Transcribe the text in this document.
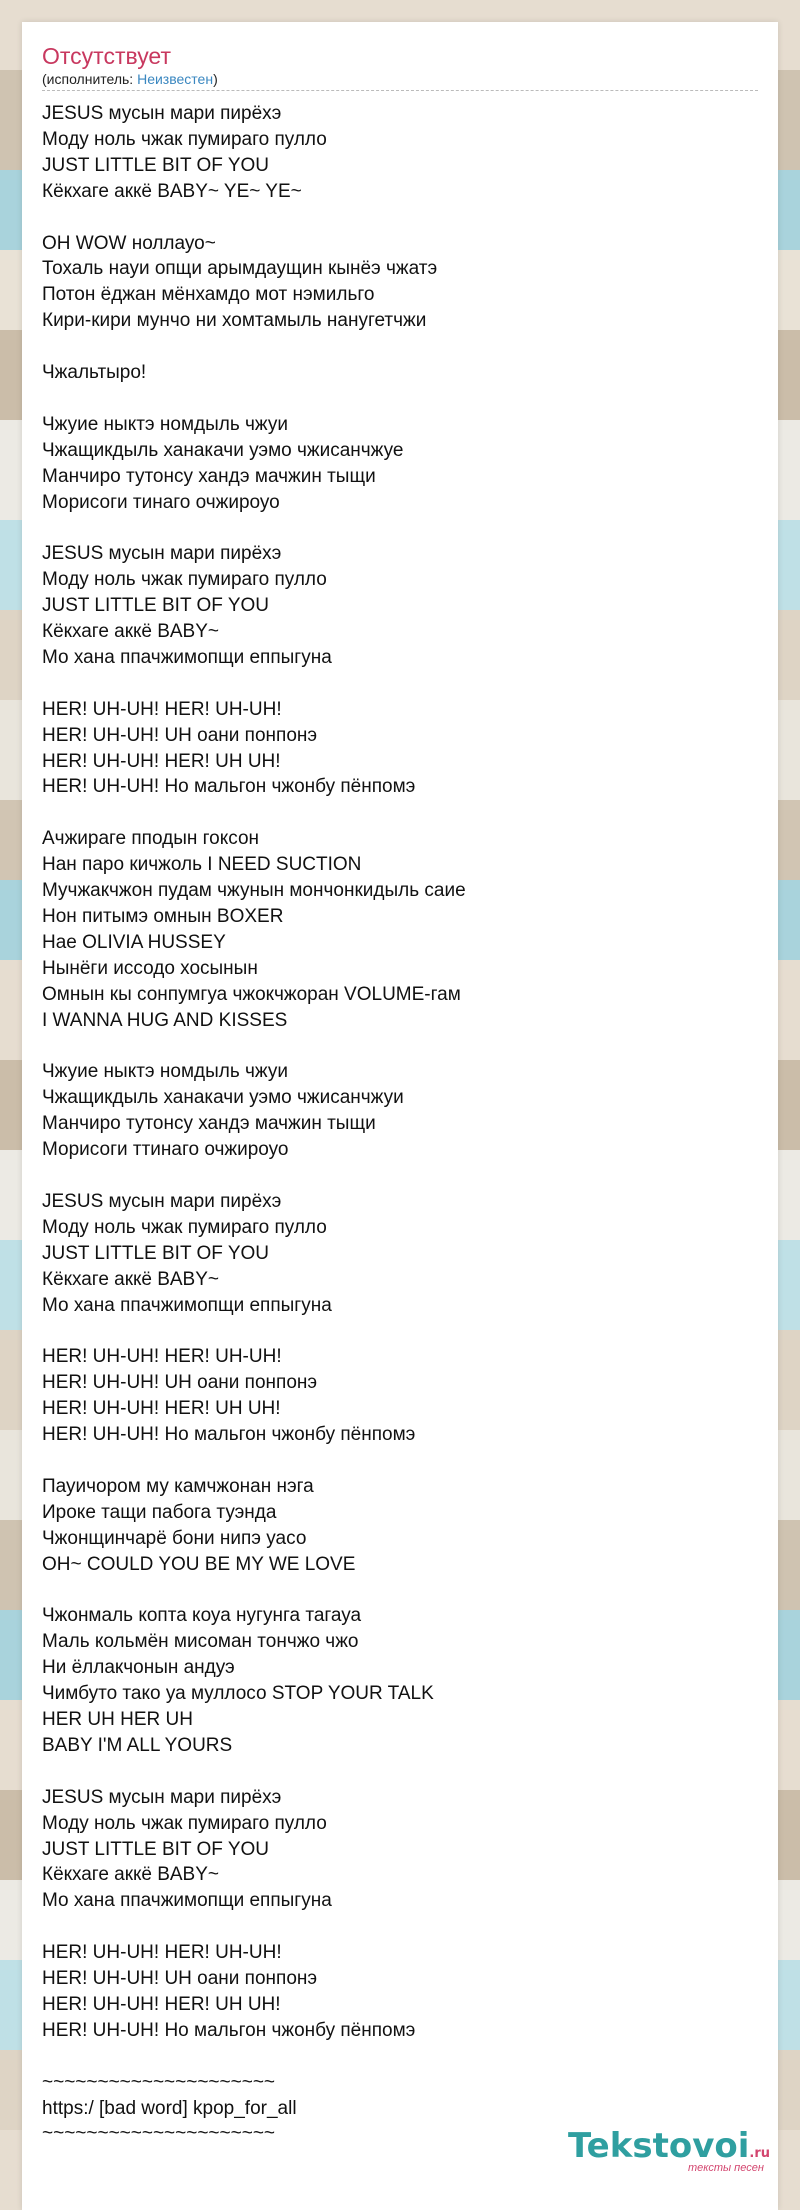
Отсутствует
(исполнитель: Неизвестен)
JESUS мусын мари пирёхэ
Моду ноль чжак пумираго пулло
JUST LITTLE BIT OF YOU
Кёкхаге аккё BABY~ YE~ YE~
OH WOW ноллауо~
Тохаль науи опщи арымдаущин кынёэ чжатэ
Потон ёджан мёнхамдо мот нэмильго
Кири-кири мунчо ни хомтамыль нанугетчжи
Чжальтыро!
Чжуие ныктэ номдыль чжуи
Чжащикдыль ханакачи уэмо чжисанчжуе
Манчиро тутонсу хандэ мачжин тыщи
Морисоги тинаго очжироуо
JESUS мусын мари пирёхэ
Моду ноль чжак пумираго пулло
JUST LITTLE BIT OF YOU
Кёкхаге аккё BABY~
Мо хана ппачжимопщи еппыгуна
HER! UH-UH! HER! UH-UH!
HER! UH-UH! UH оани понпонэ
HER! UH-UH! HER! UH UH!
HER! UH-UH! Но мальгон чжонбу пёнпомэ
Ачжираге пподын гоксон
Нан паро кичжоль I NEED SUCTION
Мучжакчжон пудам чжунын мончонкидыль саие
Нон питымэ омнын BOXER
Нае OLIVIA HUSSEY
Нынёги иссодо хосынын
Омнын кы сонпумгуа чжокчжоран VOLUME-гам
I WANNA HUG AND KISSES
Чжуие ныктэ номдыль чжуи
Чжащикдыль ханакачи уэмо чжисанчжуи
Манчиро тутонсу хандэ мачжин тыщи
Морисоги ттинаго очжироуо
JESUS мусын мари пирёхэ
Моду ноль чжак пумираго пулло
JUST LITTLE BIT OF YOU
Кёкхаге аккё BABY~
Мо хана ппачжимопщи еппыгуна
HER! UH-UH! HER! UH-UH!
HER! UH-UH! UH оани понпонэ
HER! UH-UH! HER! UH UH!
HER! UH-UH! Но мальгон чжонбу пёнпомэ
Пауичором му камчжонан нэга
Ироке тащи пабога туэнда
Чжонщинчарё бони нипэ уасо
OH~ COULD YOU BE MY WE LOVE
Чжонмаль копта коуа нугунга тагауа
Маль кольмён мисоман тончжо чжо
Ни ёллакчонын андуэ
Чимбуто тако уа муллосо STOP YOUR TALK
HER UH HER UH
BABY I'M ALL YOURS
JESUS мусын мари пирёхэ
Моду ноль чжак пумираго пулло
JUST LITTLE BIT OF YOU
Кёкхаге аккё BABY~
Мо хана ппачжимопщи еппыгуна
HER! UH-UH! HER! UH-UH!
HER! UH-UH! UH оани понпонэ
HER! UH-UH! HER! UH UH!
HER! UH-UH! Но мальгон чжонбу пёнпомэ
~~~~~~~~~~~~~~~~~~~~~
https:/ [bad word] kpop_for_all
~~~~~~~~~~~~~~~~~~~~~	Tekstovoi.ru
тексты песен
